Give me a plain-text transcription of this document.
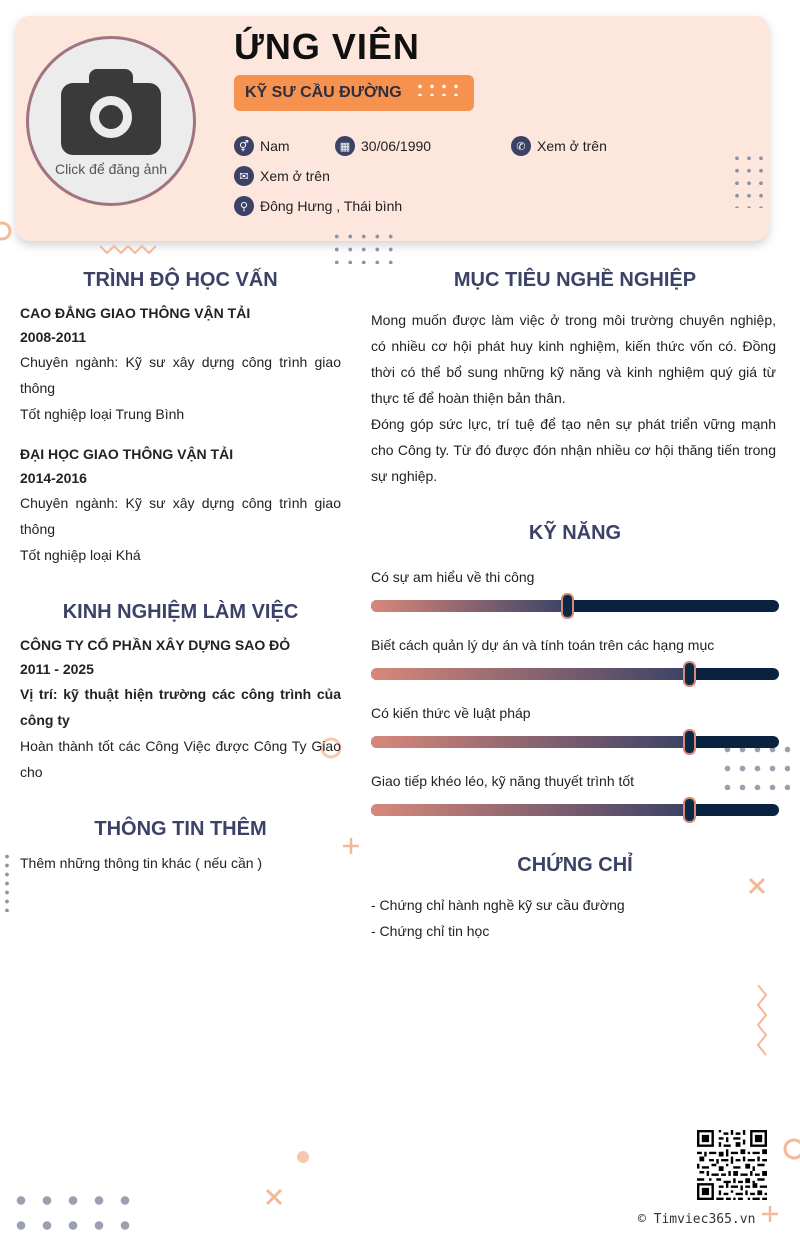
Click để đăng ảnh
ỨNG VIÊN
KỸ SƯ CẦU ĐƯỜNG
⚥ Nam	▦ 30/06/1990	✆ Xem ở trên
✉ Xem ở trên
⚲ Đông Hưng , Thái bình
TRÌNH ĐỘ HỌC VẤN
CAO ĐẲNG GIAO THÔNG VẬN TẢI
2008-2011
Chuyên ngành: Kỹ sư xây dựng công trình giao thông
Tốt nghiệp loại Trung Bình
ĐẠI HỌC GIAO THÔNG VẬN TẢI
2014-2016
Chuyên ngành: Kỹ sư xây dựng công trình giao thông
Tốt nghiệp loại Khá
KINH NGHIỆM LÀM VIỆC
CÔNG TY CỔ PHẦN XÂY DỰNG SAO ĐỎ
2011 - 2025
Vị trí: kỹ thuật hiện trường các công trình của công ty
Hoàn thành tốt các Công Việc được Công Ty Giao cho
THÔNG TIN THÊM
Thêm những thông tin khác ( nếu cần )
MỤC TIÊU NGHỀ NGHIỆP
Mong muốn được làm việc ở trong môi trường chuyên nghiệp, có nhiều cơ hội phát huy kinh nghiệm, kiến thức vốn có. Đồng thời có thể bổ sung những kỹ năng và kinh nghiệm quý giá từ thực tế để hoàn thiện bản thân.
Đóng góp sức lực, trí tuệ để tạo nên sự phát triển vững mạnh cho Công ty. Từ đó được đón nhận nhiều cơ hội thăng tiến trong sự nghiệp.
KỸ NĂNG
Có sự am hiểu về thi công
Biết cách quản lý dự án và tính toán trên các hạng mục
Có kiến thức về luật pháp
Giao tiếp khéo léo, kỹ năng thuyết trình tốt
CHỨNG CHỈ
- Chứng chỉ hành nghề kỹ sư cầu đường
- Chứng chỉ tin học
© Timviec365.vn
